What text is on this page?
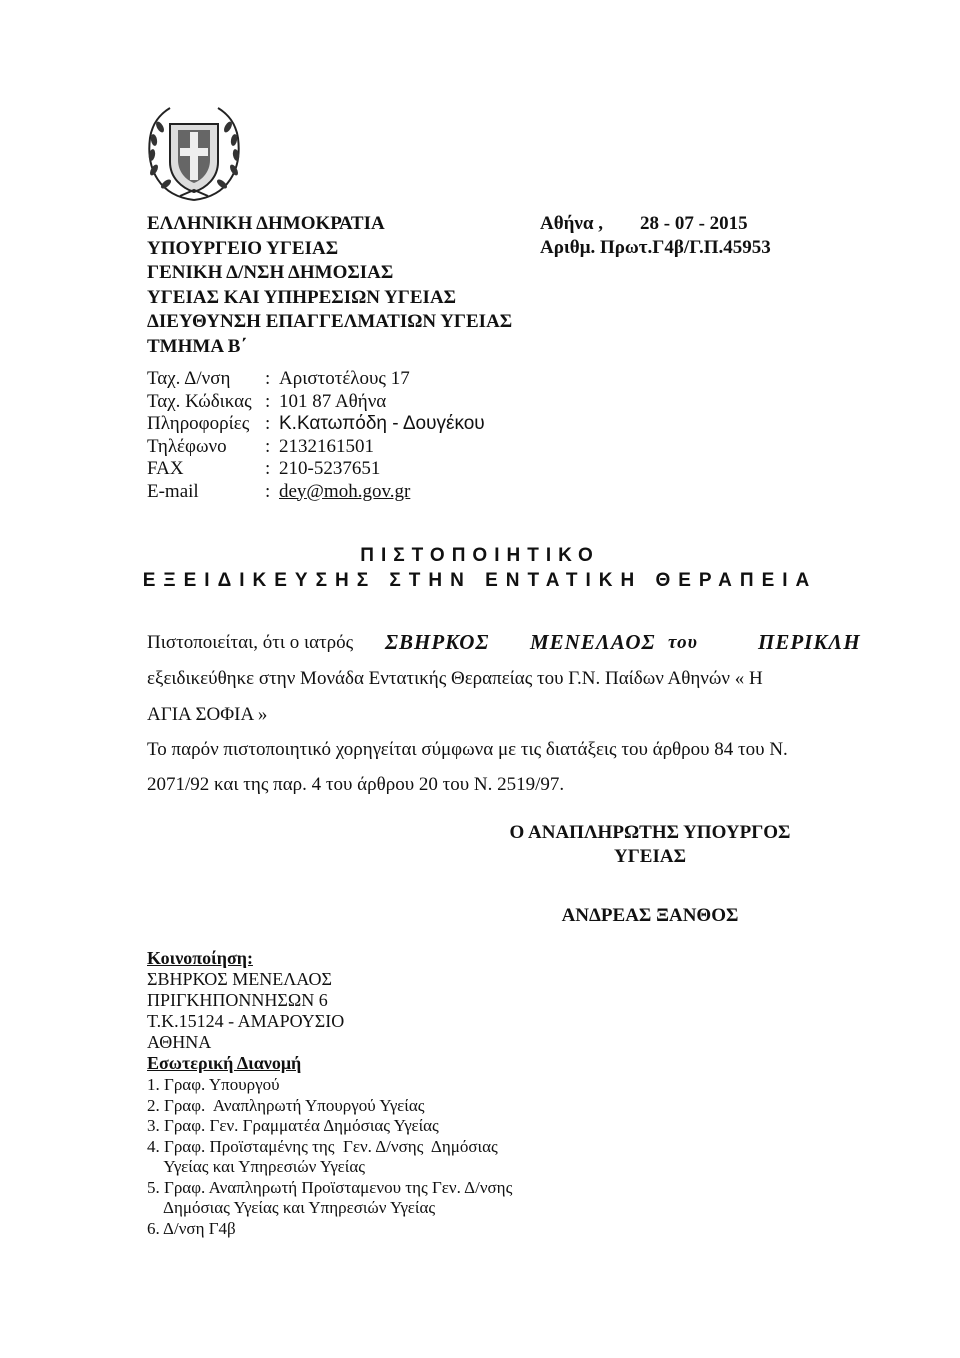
ΕΛΛΗΝΙΚΗ ΔΗΜΟΚΡΑΤΙΑ
ΥΠΟΥΡΓΕΙΟ ΥΓΕΙΑΣ
ΓΕΝΙΚΗ Δ/ΝΣΗ ΔΗΜΟΣΙΑΣ
ΥΓΕΙΑΣ ΚΑΙ ΥΠΗΡΕΣΙΩΝ ΥΓΕΙΑΣ
ΔΙΕΥΘΥΝΣΗ ΕΠΑΓΓΕΛΜΑΤΙΩΝ ΥΓΕΙΑΣ
ΤΜΗΜΑ Β΄
Αθήνα , 28 - 07 - 2015
Αριθμ. Πρωτ.Γ4β/Γ.Π.45953
Ταχ. Δ/νση	: Αριστοτέλους 17
Ταχ. Κώδικας : 101 87 Αθήνα
Πληροφορίες : Κ.Κατωπόδη - Δουγέκου
Τηλέφωνο	: 2132161501
FAX	: 210-5237651
E-mail	: dey@moh.gov.gr
ΠΙΣΤΟΠΟΙΗΤΙΚΟ
ΕΞΕΙΔΙΚΕΥΣΗΣ ΣΤΗΝ ΕΝΤΑΤΙΚΗ ΘΕΡΑΠΕΙΑ
Πιστοποιείται, ότι ο ιατρός ΣΒΗΡΚΟΣ ΜΕΝΕΛΑΟΣ του	ΠΕΡΙΚΛΗ
εξειδικεύθηκε στην Μονάδα Εντατικής Θεραπείας του Γ.Ν. Παίδων Αθηνών « Η
ΑΓΙΑ ΣΟΦΙΑ »
Το παρόν πιστοποιητικό χορηγείται σύμφωνα με τις διατάξεις του άρθρου 84 του Ν.
2071/92 και της παρ. 4 του άρθρου 20 του Ν. 2519/97.
Ο ΑΝΑΠΛΗΡΩΤΗΣ ΥΠΟΥΡΓΟΣ
ΥΓΕΙΑΣ
ΑΝΔΡΕΑΣ ΞΑΝΘΟΣ
Κοινοποίηση:
ΣΒΗΡΚΟΣ ΜΕΝΕΛΑΟΣ
ΠΡΙΓΚΗΠΟΝΝΗΣΩΝ 6
Τ.Κ.15124 - ΑΜΑΡΟΥΣΙΟ
ΑΘΗΝΑ
Εσωτερική Διανομή
1. Γραφ. Υπουργού
2. Γραφ.  Αναπληρωτή Υπουργού Υγείας
3. Γραφ. Γεν. Γραμματέα Δημόσιας Υγείας
4. Γραφ. Προϊσταμένης της  Γεν. Δ/νσης  Δημόσιας
Υγείας και Υπηρεσιών Υγείας
5. Γραφ. Αναπληρωτή Προϊσταμενου της Γεν. Δ/νσης
Δημόσιας Υγείας και Υπηρεσιών Υγείας
6. Δ/νση Γ4β
